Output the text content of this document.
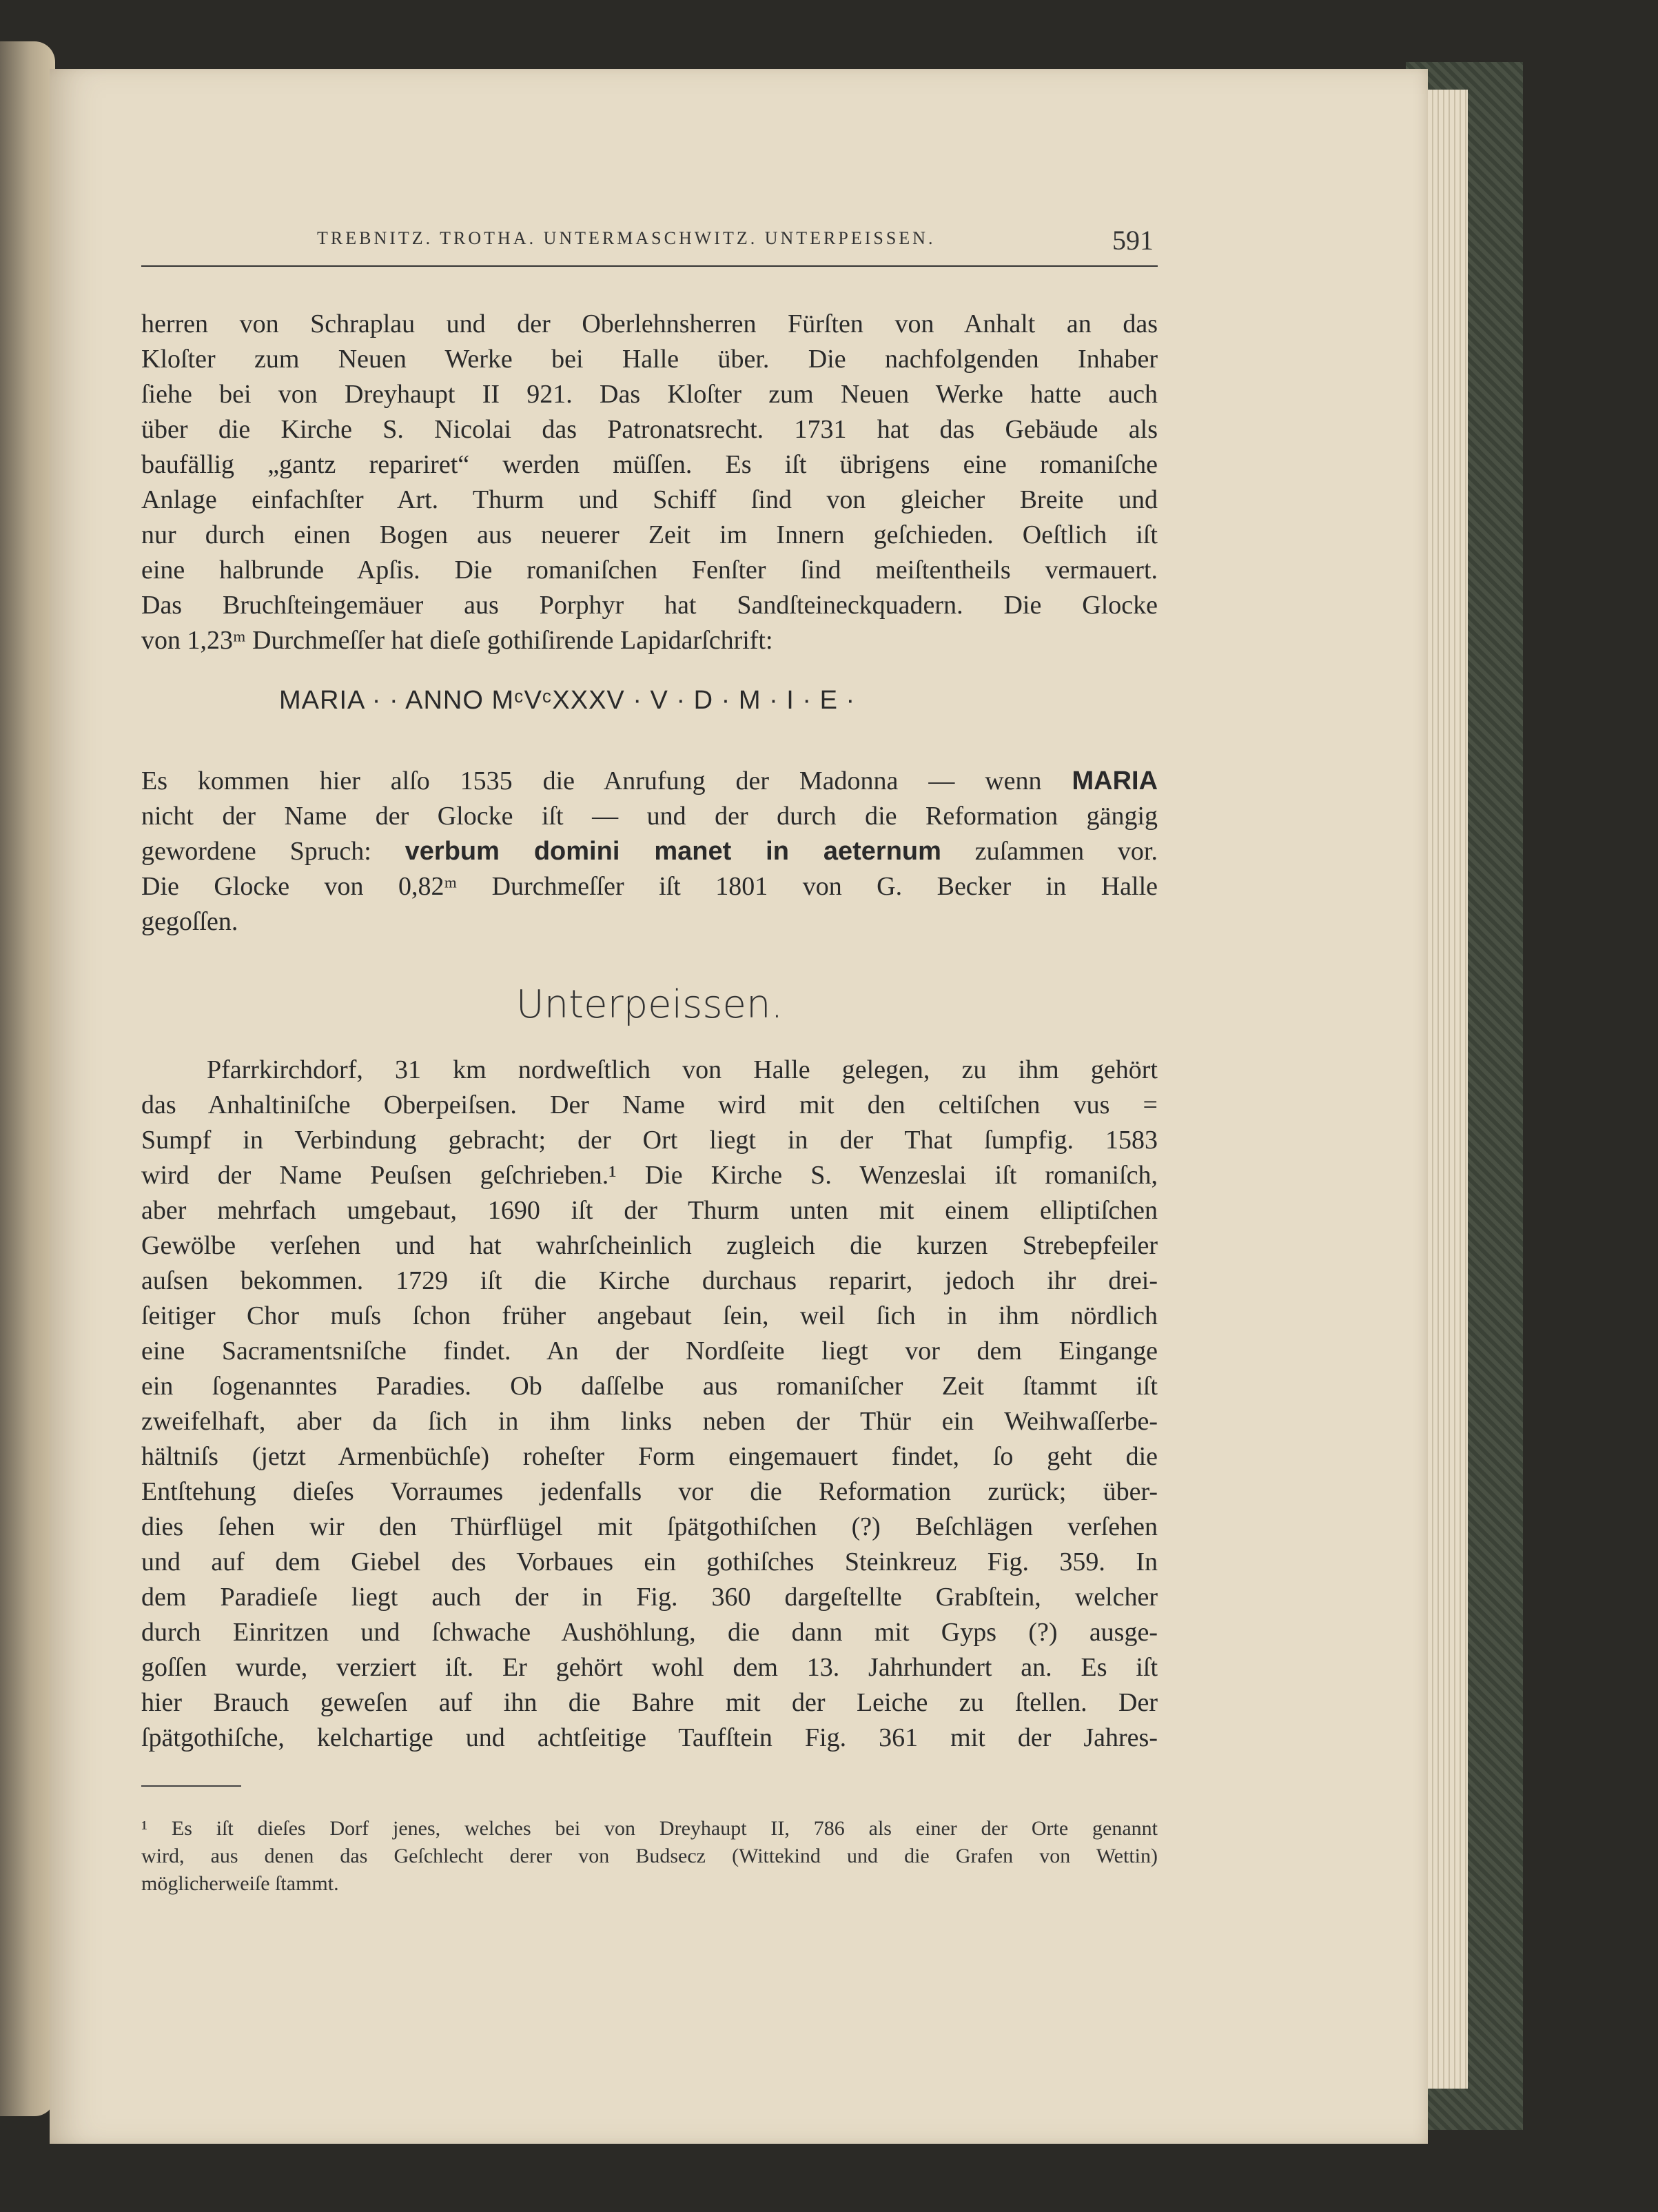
TREBNITZ. TROTHA. UNTERMASCHWITZ. UNTERPEISSEN.	591
herren von Schraplau und der Oberlehnsherren Fürſten von Anhalt an das
Kloſter zum Neuen Werke bei Halle über. Die nachfolgenden Inhaber
ſiehe bei von Dreyhaupt II 921. Das Kloſter zum Neuen Werke hatte auch
über die Kirche S. Nicolai das Patronatsrecht. 1731 hat das Gebäude als
baufällig „gantz repariret“ werden müſſen. Es iſt übrigens eine romaniſche
Anlage einfachſter Art. Thurm und Schiff ſind von gleicher Breite und
nur durch einen Bogen aus neuerer Zeit im Innern geſchieden. Oeſtlich iſt
eine halbrunde Apſis. Die romaniſchen Fenſter ſind meiſtentheils vermauert.
Das Bruchſteingemäuer aus Porphyr hat Sandſteineckquadern. Die Glocke
von 1,23ᵐ Durchmeſſer hat dieſe gothiſirende Lapidarſchrift:
MARIA · · ANNO MᶜVᶜXXXV · V · D · M · I · E ·
Es kommen hier alſo 1535 die Anrufung der Madonna — wenn MARIA
nicht der Name der Glocke iſt — und der durch die Reformation gängig
gewordene Spruch: verbum domini manet in aeternum zuſammen vor.
Die Glocke von 0,82ᵐ Durchmeſſer iſt 1801 von G. Becker in Halle
gegoſſen.
Unterpeissen.
Pfarrkirchdorf, 31 km nordweſtlich von Halle gelegen, zu ihm gehört
das Anhaltiniſche Oberpeiſsen. Der Name wird mit den celtiſchen vus =
Sumpf in Verbindung gebracht; der Ort liegt in der That ſumpfig. 1583
wird der Name Peuſsen geſchrieben.¹ Die Kirche S. Wenzeslai iſt romaniſch,
aber mehrfach umgebaut, 1690 iſt der Thurm unten mit einem elliptiſchen
Gewölbe verſehen und hat wahrſcheinlich zugleich die kurzen Strebepfeiler
auſsen bekommen. 1729 iſt die Kirche durchaus reparirt, jedoch ihr drei-
ſeitiger Chor muſs ſchon früher angebaut ſein, weil ſich in ihm nördlich
eine Sacramentsniſche findet. An der Nordſeite liegt vor dem Eingange
ein ſogenanntes Paradies. Ob daſſelbe aus romaniſcher Zeit ſtammt iſt
zweifelhaft, aber da ſich in ihm links neben der Thür ein Weihwaſſerbe-
hältniſs (jetzt Armenbüchſe) roheſter Form eingemauert findet, ſo geht die
Entſtehung dieſes Vorraumes jedenfalls vor die Reformation zurück; über-
dies ſehen wir den Thürflügel mit ſpätgothiſchen (?) Beſchlägen verſehen
und auf dem Giebel des Vorbaues ein gothiſches Steinkreuz Fig. 359. In
dem Paradieſe liegt auch der in Fig. 360 dargeſtellte Grabſtein, welcher
durch Einritzen und ſchwache Aushöhlung, die dann mit Gyps (?) ausge-
goſſen wurde, verziert iſt. Er gehört wohl dem 13. Jahrhundert an. Es iſt
hier Brauch geweſen auf ihn die Bahre mit der Leiche zu ſtellen. Der
ſpätgothiſche, kelchartige und achtſeitige Taufſtein Fig. 361 mit der Jahres-
¹ Es iſt dieſes Dorf jenes, welches bei von Dreyhaupt II, 786 als einer der Orte genannt
wird, aus denen das Geſchlecht derer von Budsecz (Wittekind und die Grafen von Wettin)
möglicherweiſe ſtammt.
